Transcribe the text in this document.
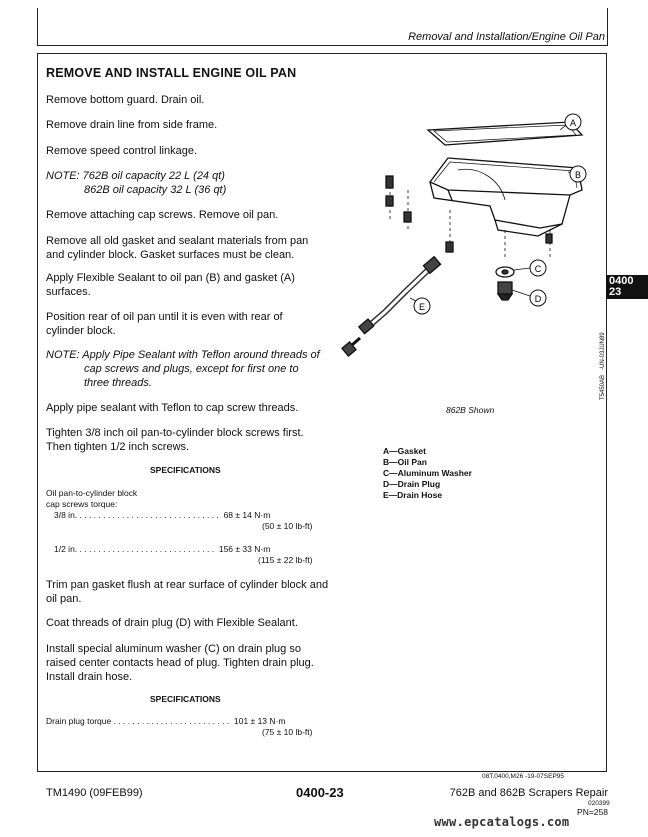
Removal and Installation/Engine Oil Pan
REMOVE AND INSTALL ENGINE OIL PAN
Remove bottom guard. Drain oil.
Remove drain line from side frame.
Remove speed control linkage.
NOTE: 762B oil capacity 22 L (24 qt)
862B oil capacity 32 L (36 qt)
Remove attaching cap screws. Remove oil pan.
Remove all old gasket and sealant materials from pan and cylinder block. Gasket surfaces must be clean.
Apply Flexible Sealant to oil pan (B) and gasket (A) surfaces.
Position rear of oil pan until it is even with rear of cylinder block.
NOTE: Apply Pipe Sealant with Teflon around threads of
cap screws and plugs, except for first one to
three threads.
Apply pipe sealant with Teflon to cap screw threads.
Tighten 3/8 inch oil pan-to-cylinder block screws first. Then tighten 1/2 inch screws.
SPECIFICATIONS
Oil pan-to-cylinder block
cap screws torque:
3/8 in. . . . . . . . . . . . . . . . . . . . . . . . . . . . . . .  68 ± 14 N·m
(50 ± 10 lb-ft)
1/2 in. . . . . . . . . . . . . . . . . . . . . . . . . . . . . .  156 ± 33 N·m
(115 ± 22 lb-ft)
Trim pan gasket flush at rear surface of cylinder block and oil pan.
Coat threads of drain plug (D) with Flexible Sealant.
Install special aluminum washer (C) on drain plug so raised center contacts head of plug. Tighten drain plug. Install drain hose.
SPECIFICATIONS
Drain plug torque . . . . . . . . . . . . . . . . . . . . . . . . .  101 ± 13 N·m
(75 ± 10 lb-ft)
A
B
C
D
E
-UN-03JUN89
T5450AB
862B Shown
A—Gasket
B—Oil Pan
C—Aluminum Washer
D—Drain Plug
E—Drain Hose
0400
23
08T,0400,M26 -19-07SEP95
TM1490 (09FEB99)	0400-23	762B and 862B Scrapers Repair
020399
PN=258
www.epcatalogs.com
